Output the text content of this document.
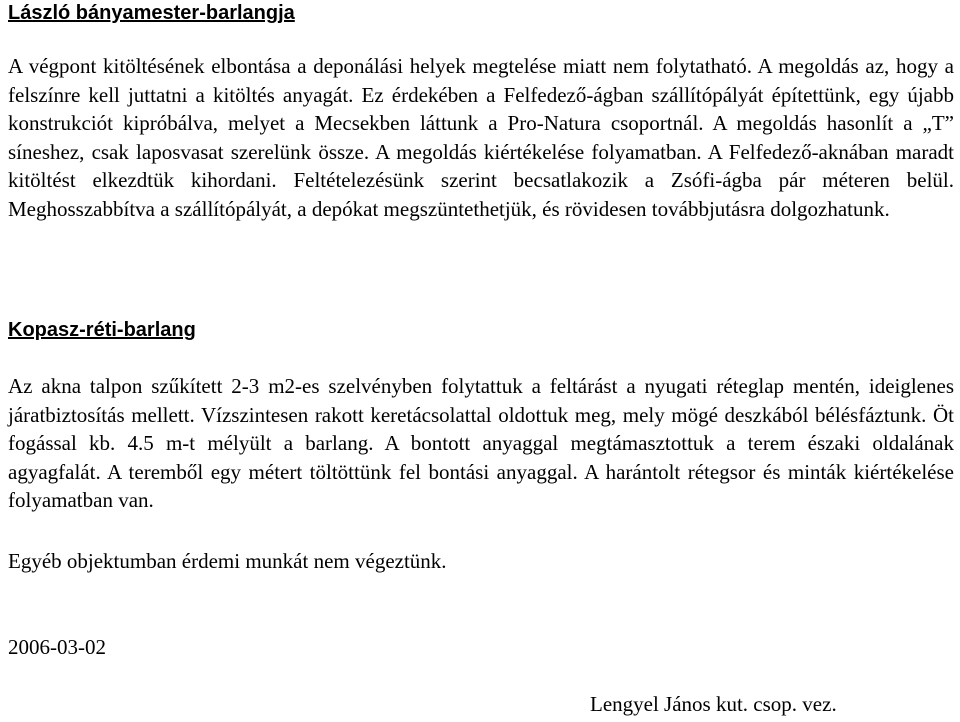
László bányamester-barlangja

A végpont kitöltésének elbontása a deponálási helyek megtelése miatt nem folytatható. A megoldás az, hogy a felszínre kell juttatni a kitöltés anyagát. Ez érdekében a Felfedező-ágban szállítópályát építettünk, egy újabb konstrukciót kipróbálva, melyet a Mecsekben láttunk a Pro-Natura csoportnál. A megoldás hasonlít a „T” síneshez, csak laposvasat szerelünk össze. A megoldás kiértékelése folyamatban. A Felfedező-aknában maradt kitöltést elkezdtük kihordani. Feltételezésünk szerint becsatlakozik a Zsófi-ágba pár méteren belül. Meghosszabbítva a szállítópályát, a depókat megszüntethetjük, és rövidesen továbbjutásra dolgozhatunk.

Kopasz-réti-barlang

Az akna talpon szűkített 2-3 m2-es szelvényben folytattuk a feltárást a nyugati réteglap mentén, ideiglenes járatbiztosítás mellett. Vízszintesen rakott keretácsolattal oldottuk meg, mely mögé deszkából bélésfáztunk. Öt fogással kb. 4.5 m-t mélyült a barlang. A bontott anyaggal megtámasztottuk a terem északi oldalának agyagfalát. A teremből egy métert töltöttünk fel bontási anyaggal. A harántolt rétegsor és minták kiértékelése folyamatban van.

Egyéb objektumban érdemi munkát nem végeztünk.

2006-03-02
Lengyel János kut. csop. vez.
